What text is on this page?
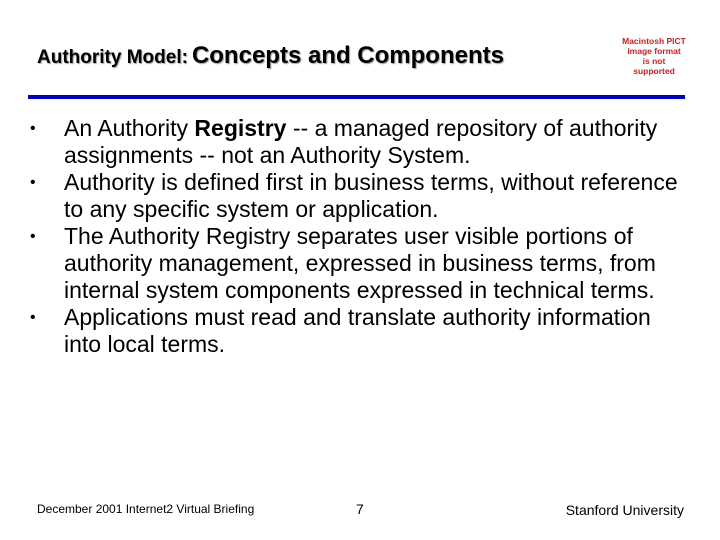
Authority Model: Concepts and Components
Macintosh PICT
image format
is not supported
• An Authority Registry -- a managed repository of authority assignments -- not an Authority System.
• Authority is defined first in business terms, without reference to any specific system or application.
• The Authority Registry separates user visible portions of authority management, expressed in business terms, from internal system components expressed in technical terms.
• Applications must read and translate authority information into local terms.
December 2001 Internet2 Virtual Briefing	7	Stanford University
